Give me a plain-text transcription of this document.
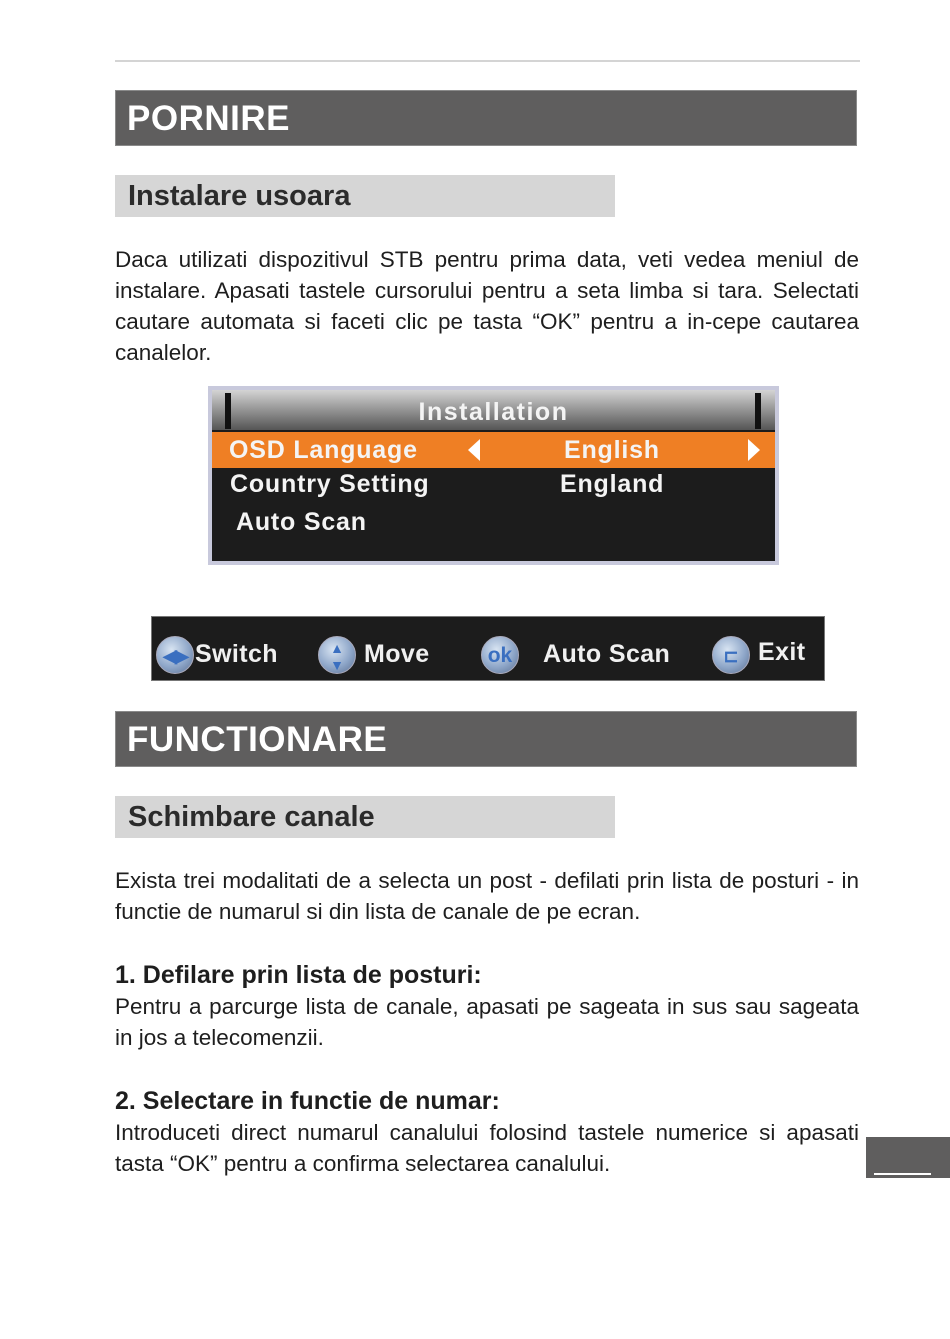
PORNIRE
Instalare usoara
Daca utilizati dispozitivul STB pentru prima data, veti vedea meniul de instalare. Apasati tastele cursorului pentru a seta limba si tara. Selectati cautare automata si faceti clic pe tasta “OK” pentru a in-cepe cautarea canalelor.
Installation
OSD Language	English
Country Setting	England
Auto Scan
◀▶ Switch	▲
▼ Move	ok Auto Scan	⊏ Exit
FUNCTIONARE
Schimbare canale
Exista trei modalitati de a selecta un post - defilati prin lista de posturi - in functie de numarul si din lista de canale de pe ecran.
1. Defilare prin lista de posturi:
Pentru a parcurge lista de canale, apasati pe sageata in sus sau sageata in jos a telecomenzii.
2. Selectare in functie de numar:
Introduceti direct numarul canalului folosind tastele numerice si apasati tasta “OK” pentru a confirma selectarea canalului.
